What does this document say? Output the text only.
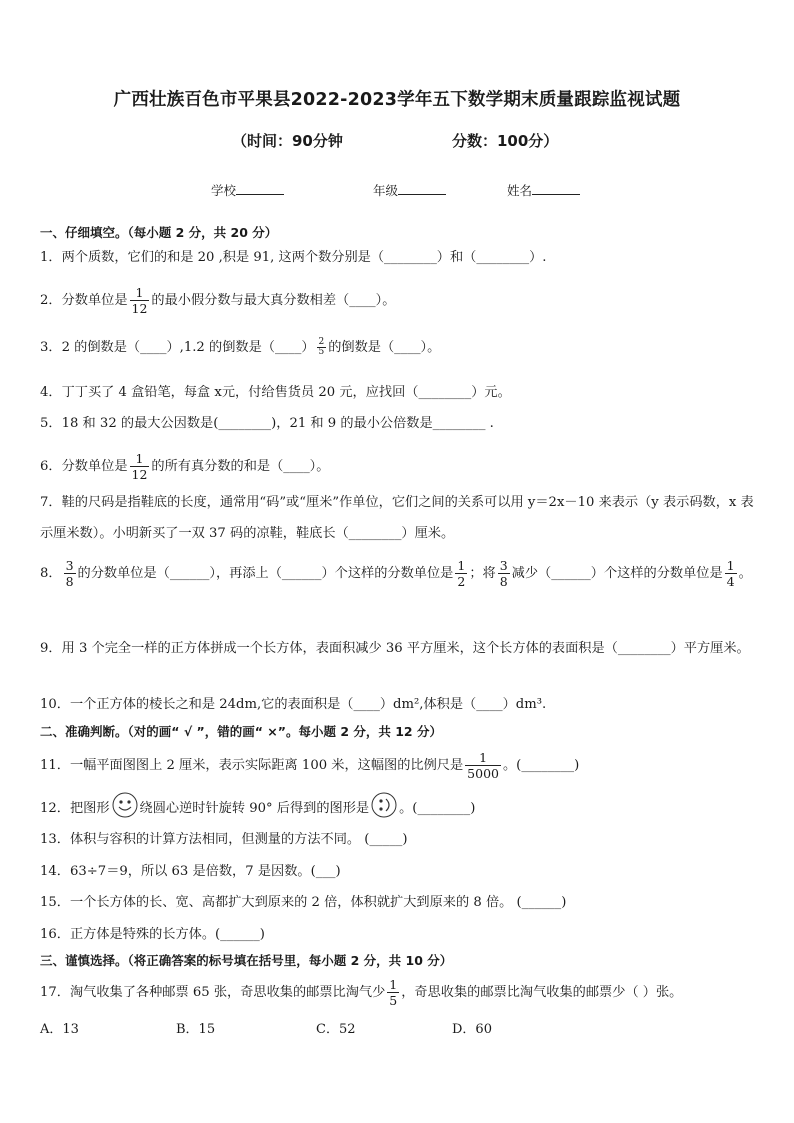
广西壮族百色市平果县2022-2023学年五下数学期末质量跟踪监视试题
（时间：90分钟	分数：100分）
学校	年级	姓名
一、仔细填空。（每小题 2 分，共 20 分）
1．两个质数，它们的和是 20 ,积是 91, 这两个数分别是（________）和（________）.
2．分数单位是 $\frac{1}{12}$ 的最小假分数与最大真分数相差（____）。
3．2 的倒数是（____）,1.2 的倒数是（____） $\frac{2}{5}$ 的倒数是（____）。
4．丁丁买了 4 盒铅笔，每盒 x元，付给售货员 20 元，应找回（________）元。
5．18 和 32 的最大公因数是(________)，21 和 9 的最小公倍数是________ .
6．分数单位是 $\frac{1}{12}$ 的所有真分数的和是（____）。
7．鞋的尺码是指鞋底的长度，通常用“码”或“厘米”作单位，它们之间的关系可以用 y＝2x－10 来表示（y 表示码数，x 表示厘米数）。小明新买了一双 37 码的凉鞋，鞋底长（________）厘米。
8． $\frac{3}{8}$ 的分数单位是（______），再添上（______）个这样的分数单位是 $\frac{1}{2}$ ；将 $\frac{3}{8}$ 减少（______）个这样的分数单位是 $\frac{1}{4}$ 。
9．用 3 个完全一样的正方体拼成一个长方体，表面积减少 36 平方厘米，这个长方体的表面积是（________）平方厘米。
10．一个正方体的棱长之和是 24dm,它的表面积是（____）dm²,体积是（____）dm³.
二、准确判断。（对的画“ √ ”，错的画“ ×”。每小题 2 分，共 12 分）
11．一幅平面图图上 2 厘米，表示实际距离 100 米，这幅图的比例尺是 $\frac{1}{5000}$ 。(________)
12．把图形 绕圆心逆时针旋转 90° 后得到的图形是 。(________)
13．体积与容积的计算方法相同，但测量的方法不同。 (_____)
14．63÷7＝9，所以 63 是倍数，7 是因数。(___)
15．一个长方体的长、宽、高都扩大到原来的 2 倍，体积就扩大到原来的 8 倍。 (______)
16．正方体是特殊的长方体。(______)
三、谨慎选择。（将正确答案的标号填在括号里，每小题 2 分，共 10 分）
17．淘气收集了各种邮票 65 张，奇思收集的邮票比淘气少 $\frac{1}{5}$ ，奇思收集的邮票比淘气收集的邮票少（ ）张。
A．13	B．15	C．52	D．60
